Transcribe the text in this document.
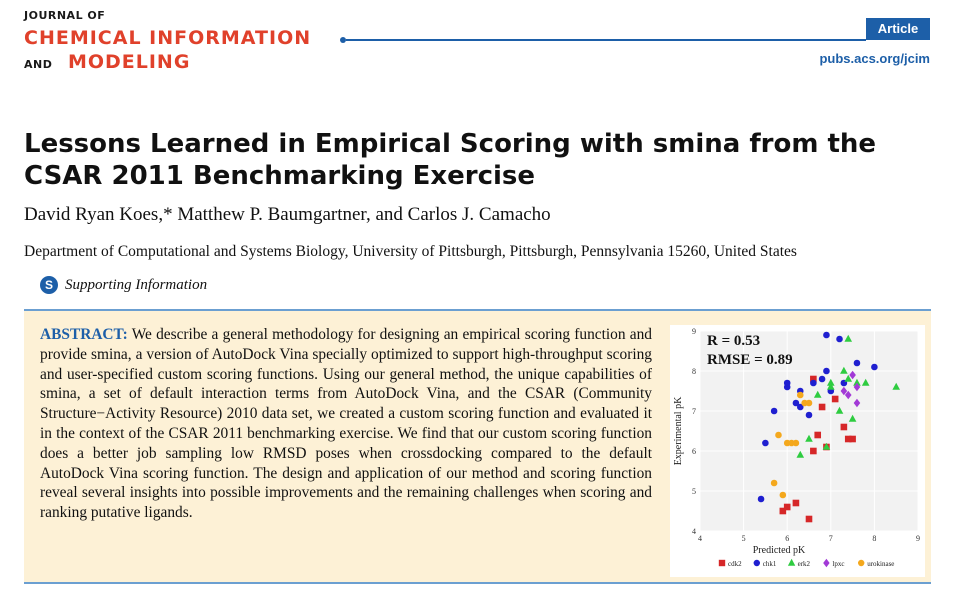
JOURNAL OF
CHEMICAL INFORMATION
AND MODELING
Article
pubs.acs.org/jcim
Lessons Learned in Empirical Scoring with smina from the CSAR 2011 Benchmarking Exercise
David Ryan Koes,* Matthew P. Baumgartner, and Carlos J. Camacho
Department of Computational and Systems Biology, University of Pittsburgh, Pittsburgh, Pennsylvania 15260, United States
S Supporting Information
ABSTRACT: We describe a general methodology for designing an empirical scoring function and provide smina, a version of AutoDock Vina specially optimized to support high-throughput scoring and user-specified custom scoring functions. Using our general method, the unique capabilities of smina, a set of default interaction terms from AutoDock Vina, and the CSAR (Community Structure−Activity Resource) 2010 data set, we created a custom scoring function and evaluated it in the context of the CSAR 2011 benchmarking exercise. We find that our custom scoring function does a better job sampling low RMSD poses when crossdocking compared to the default AutoDock Vina scoring function. The design and application of our method and scoring function reveal several insights into possible improvements and the remaining challenges when scoring and ranking putative ligands.
4	5	6	7	8	9
4
5
6
7
8
9
Predicted pK
Experimental pK
R = 0.53
RMSE = 0.89
cdk2	chk1	erk2	lpxc	urokinase
